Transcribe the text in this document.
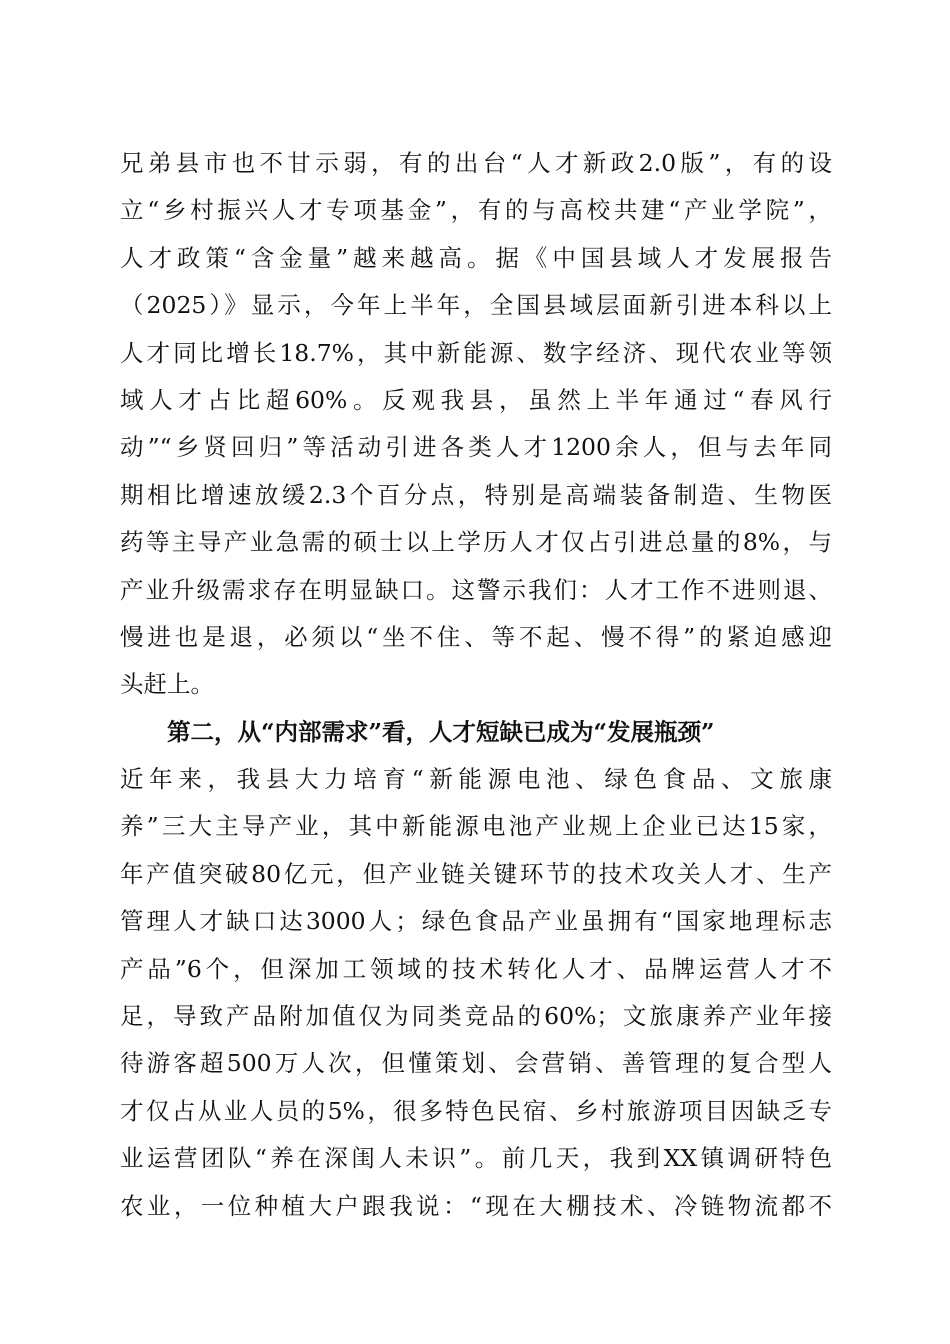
兄弟县市也不甘示弱，有的出台“人才新政2.0版”，有的设
立“乡村振兴人才专项基金”，有的与高校共建“产业学院”，
人才政策“含金量”越来越高。据《中国县域人才发展报告
（2025）》显示，今年上半年，全国县域层面新引进本科以上
人才同比增长18.7%，其中新能源、数字经济、现代农业等领
域人才占比超60%。反观我县，虽然上半年通过“春风行
动”“乡贤回归”等活动引进各类人才1200余人，但与去年同
期相比增速放缓2.3个百分点，特别是高端装备制造、生物医
药等主导产业急需的硕士以上学历人才仅占引进总量的8%，与
产业升级需求存在明显缺口。这警示我们：人才工作不进则退、
慢进也是退，必须以“坐不住、等不起、慢不得”的紧迫感迎
头赶上。
第二，从“内部需求”看，人才短缺已成为“发展瓶颈”
近年来，我县大力培育“新能源电池、绿色食品、文旅康
养”三大主导产业，其中新能源电池产业规上企业已达15家，
年产值突破80亿元，但产业链关键环节的技术攻关人才、生产
管理人才缺口达3000人；绿色食品产业虽拥有“国家地理标志
产品”6个，但深加工领域的技术转化人才、品牌运营人才不
足，导致产品附加值仅为同类竞品的60%；文旅康养产业年接
待游客超500万人次，但懂策划、会营销、善管理的复合型人
才仅占从业人员的5%，很多特色民宿、乡村旅游项目因缺乏专
业运营团队“养在深闺人未识”。前几天，我到XX镇调研特色
农业，一位种植大户跟我说：“现在大棚技术、冷链物流都不
